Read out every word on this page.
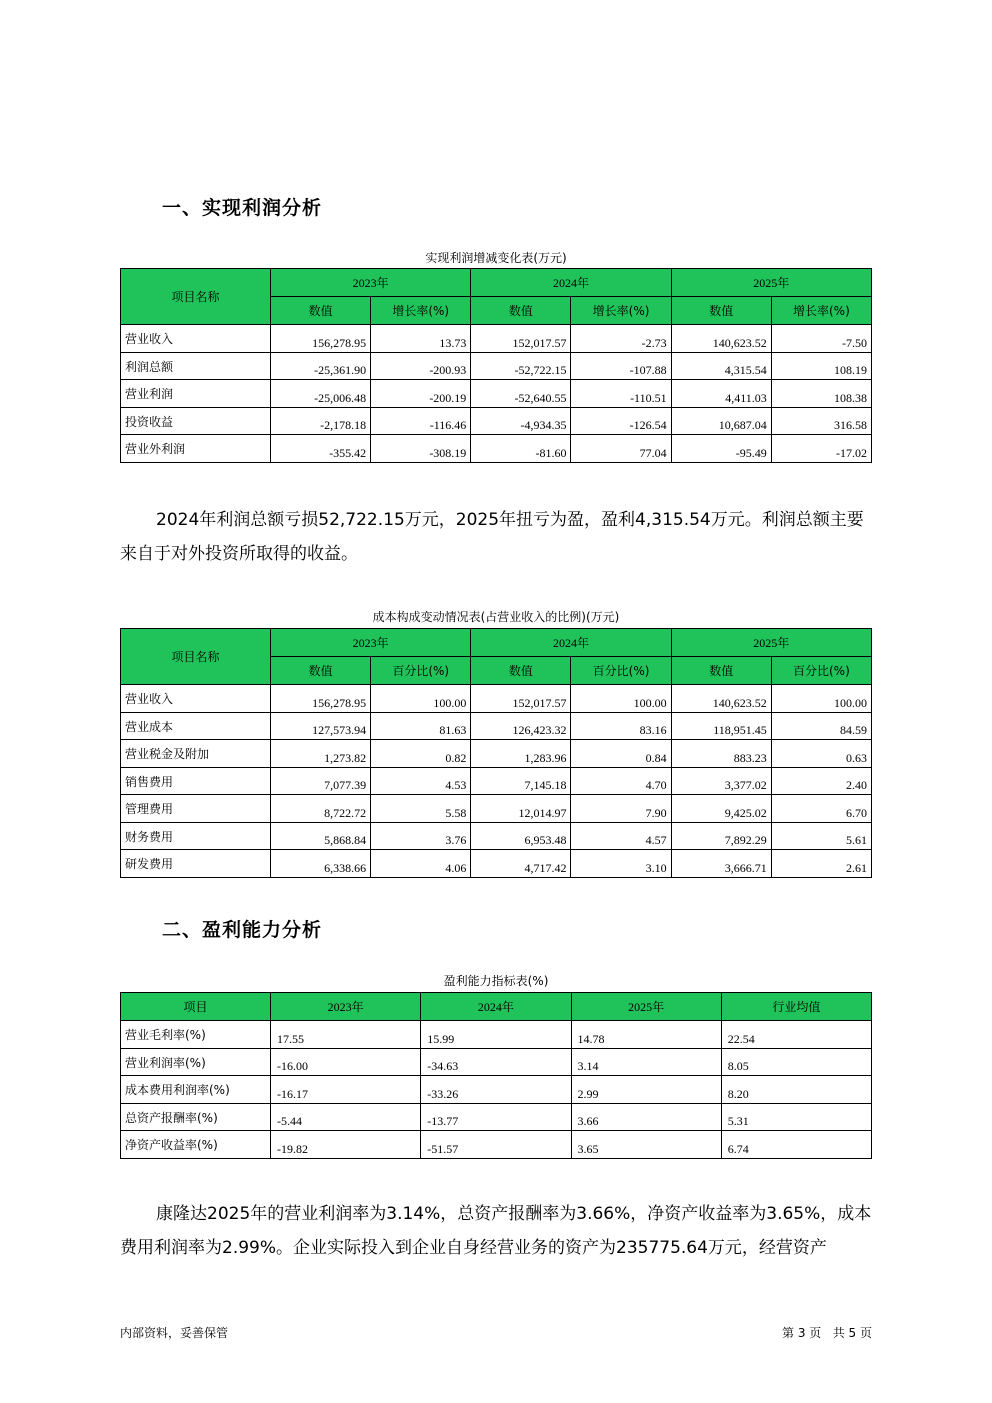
一、实现利润分析
实现利润增减变化表(万元)
项目名称	2023年		2024年		2025年	
	数值	增长率(%)	数值	增长率(%)	数值	增长率(%)
营业收入	156,278.95	13.73	152,017.57	-2.73	140,623.52	-7.50
利润总额	-25,361.90	-200.93	-52,722.15	-107.88	4,315.54	108.19
营业利润	-25,006.48	-200.19	-52,640.55	-110.51	4,411.03	108.38
投资收益	-2,178.18	-116.46	-4,934.35	-126.54	10,687.04	316.58
营业外利润	-355.42	-308.19	-81.60	77.04	-95.49	-17.02
2024年利润总额亏损52,722.15万元，2025年扭亏为盈，盈利4,315.54万元。利润总额主要来自于对外投资所取得的收益。
成本构成变动情况表(占营业收入的比例)(万元)
项目名称	2023年		2024年		2025年	
	数值	百分比(%)	数值	百分比(%)	数值	百分比(%)
营业收入	156,278.95	100.00	152,017.57	100.00	140,623.52	100.00
营业成本	127,573.94	81.63	126,423.32	83.16	118,951.45	84.59
营业税金及附加	1,273.82	0.82	1,283.96	0.84	883.23	0.63
销售费用	7,077.39	4.53	7,145.18	4.70	3,377.02	2.40
管理费用	8,722.72	5.58	12,014.97	7.90	9,425.02	6.70
财务费用	5,868.84	3.76	6,953.48	4.57	7,892.29	5.61
研发费用	6,338.66	4.06	4,717.42	3.10	3,666.71	2.61
二、盈利能力分析
盈利能力指标表(%)
项目	2023年	2024年	2025年	行业均值
营业毛利率(%)	17.55	15.99	14.78	22.54
营业利润率(%)	-16.00	-34.63	3.14	8.05
成本费用利润率(%)	-16.17	-33.26	2.99	8.20
总资产报酬率(%)	-5.44	-13.77	3.66	5.31
净资产收益率(%)	-19.82	-51.57	3.65	6.74
康隆达2025年的营业利润率为3.14%，总资产报酬率为3.66%，净资产收益率为3.65%，成本费用利润率为2.99%。企业实际投入到企业自身经营业务的资产为235775.64万元，经营资产
内部资料，妥善保管	第 3 页   共 5 页
